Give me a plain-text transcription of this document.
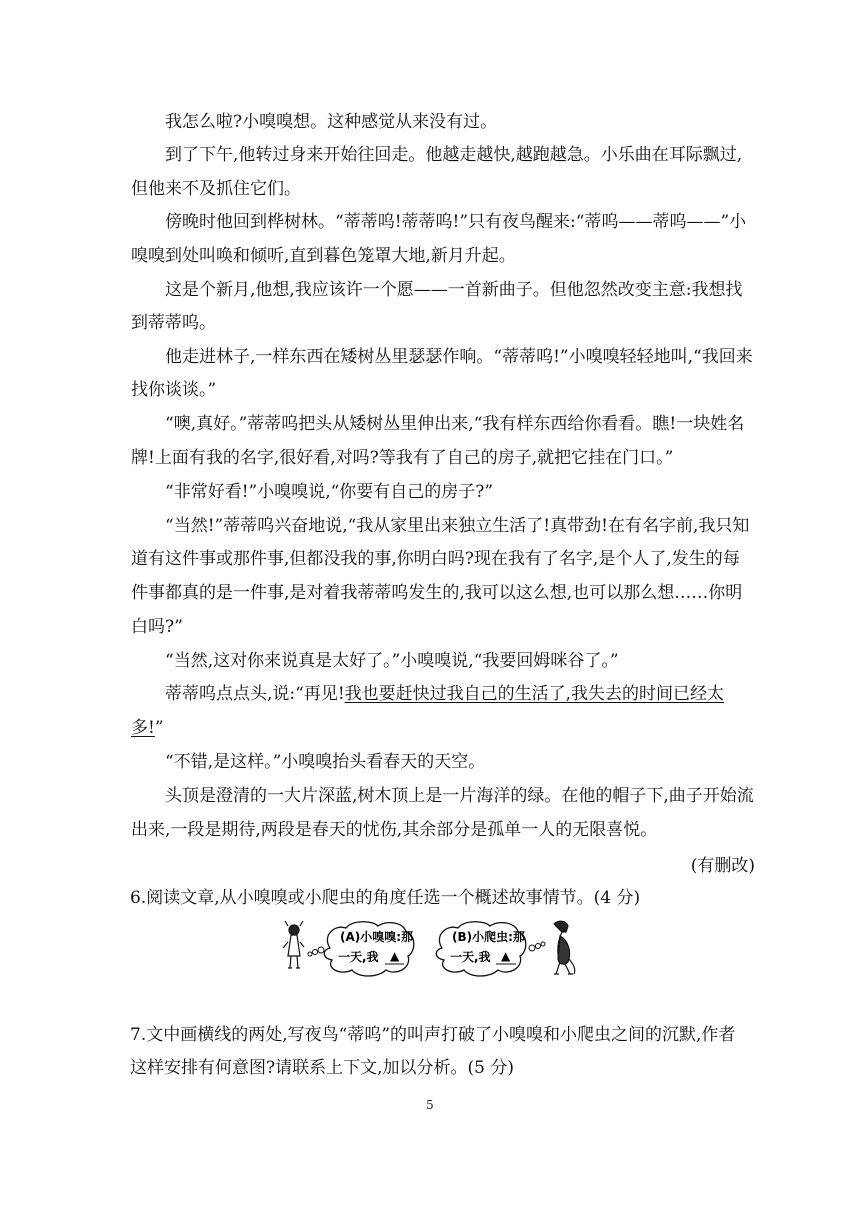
我怎么啦?小嗅嗅想。这种感觉从来没有过。
到了下午,他转过身来开始往回走。他越走越快,越跑越急。小乐曲在耳际飘过,
但他来不及抓住它们。
傍晚时他回到桦树林。“蒂蒂呜!蒂蒂呜!”只有夜鸟醒来:“蒂呜——蒂呜——”小
嗅嗅到处叫唤和倾听,直到暮色笼罩大地,新月升起。
这是个新月,他想,我应该许一个愿——一首新曲子。但他忽然改变主意:我想找
到蒂蒂呜。
他走进林子,一样东西在矮树丛里瑟瑟作响。“蒂蒂呜!”小嗅嗅轻轻地叫,“我回来
找你谈谈。”
“噢,真好。”蒂蒂呜把头从矮树丛里伸出来,“我有样东西给你看看。瞧!一块姓名
牌!上面有我的名字,很好看,对吗?等我有了自己的房子,就把它挂在门口。”
“非常好看!”小嗅嗅说,“你要有自己的房子?”
“当然!”蒂蒂呜兴奋地说,“我从家里出来独立生活了!真带劲!在有名字前,我只知
道有这件事或那件事,但都没我的事,你明白吗?现在我有了名字,是个人了,发生的每
件事都真的是一件事,是对着我蒂蒂呜发生的,我可以这么想,也可以那么想……你明
白吗?”
“当然,这对你来说真是太好了。”小嗅嗅说,“我要回姆咪谷了。”
蒂蒂呜点点头,说:“再见!我也要赶快过我自己的生活了,我失去的时间已经太
多!”
“不错,是这样。”小嗅嗅抬头看春天的天空。
头顶是澄清的一大片深蓝,树木顶上是一片海洋的绿。在他的帽子下,曲子开始流
出来,一段是期待,两段是春天的忧伤,其余部分是孤单一人的无限喜悦。
(有删改)
6.阅读文章,从小嗅嗅或小爬虫的角度任选一个概述故事情节。(4 分)
(A)小嗅嗅:那
一天,我 ▲
(B)小爬虫:那
一天,我 ▲
7.文中画横线的两处,写夜鸟“蒂呜”的叫声打破了小嗅嗅和小爬虫之间的沉默,作者
这样安排有何意图?请联系上下文,加以分析。(5 分)
5
